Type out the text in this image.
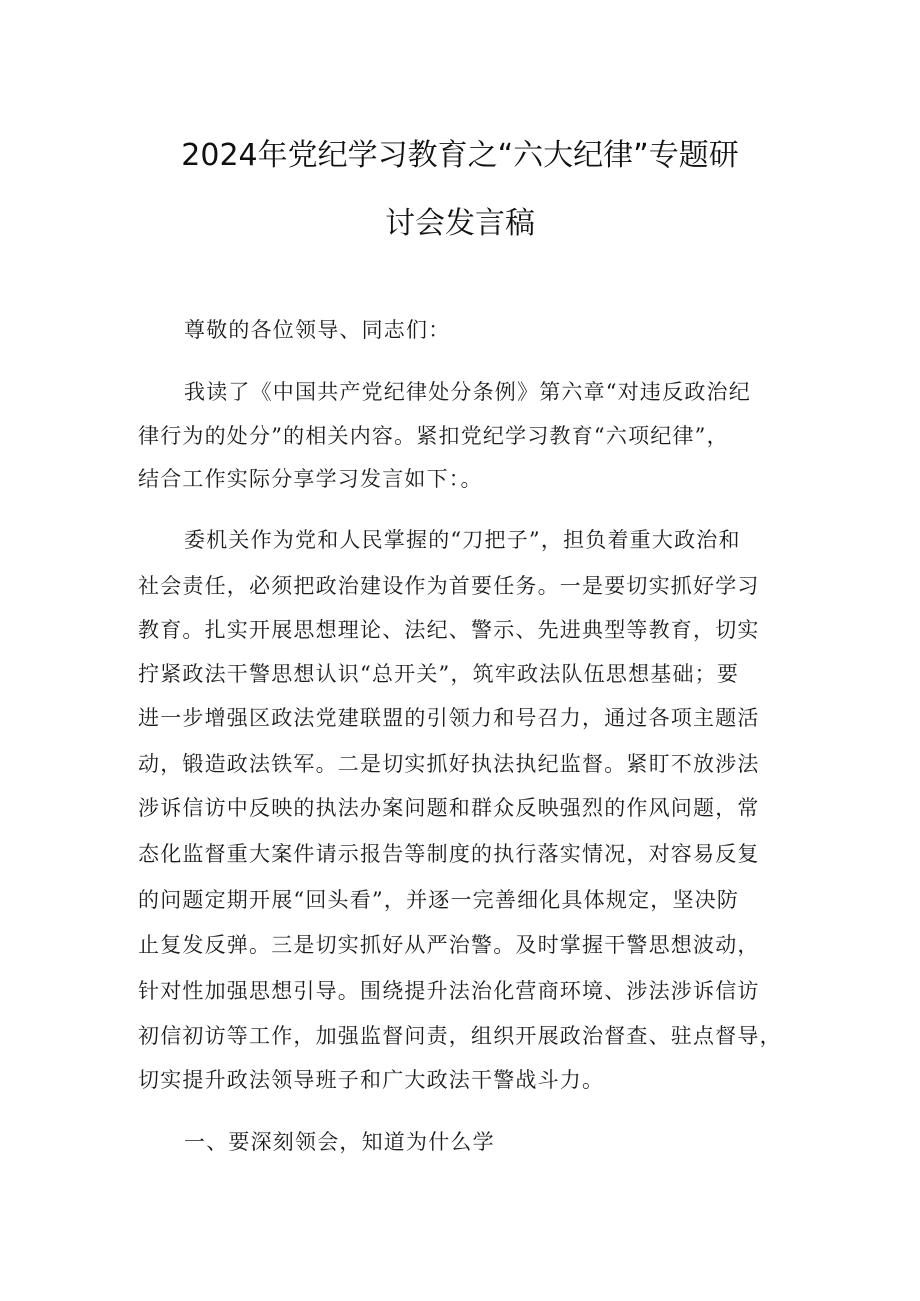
2024年党纪学习教育之“六大纪律”专题研
讨会发言稿
尊敬的各位领导、同志们：
我读了《中国共产党纪律处分条例》第六章“对违反政治纪
律行为的处分”的相关内容。紧扣党纪学习教育“六项纪律”，
结合工作实际分享学习发言如下：。
委机关作为党和人民掌握的“刀把子”，担负着重大政治和
社会责任，必须把政治建设作为首要任务。一是要切实抓好学习
教育。扎实开展思想理论、法纪、警示、先进典型等教育，切实
拧紧政法干警思想认识“总开关”，筑牢政法队伍思想基础；要
进一步增强区政法党建联盟的引领力和号召力，通过各项主题活
动，锻造政法铁军。二是切实抓好执法执纪监督。紧盯不放涉法
涉诉信访中反映的执法办案问题和群众反映强烈的作风问题，常
态化监督重大案件请示报告等制度的执行落实情况，对容易反复
的问题定期开展“回头看”，并逐一完善细化具体规定，坚决防
止复发反弹。三是切实抓好从严治警。及时掌握干警思想波动，
针对性加强思想引导。围绕提升法治化营商环境、涉法涉诉信访
初信初访等工作，加强监督问责，组织开展政治督查、驻点督导，
切实提升政法领导班子和广大政法干警战斗力。
一、要深刻领会，知道为什么学
